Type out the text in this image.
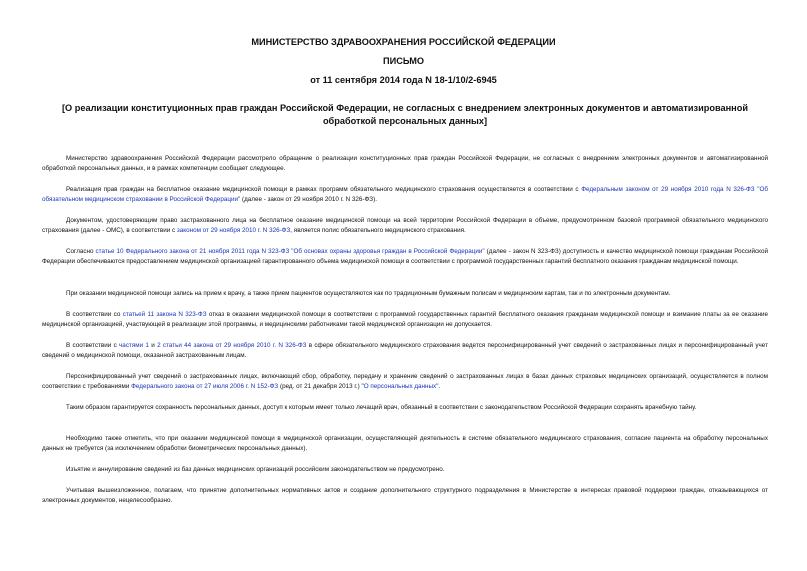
МИНИСТЕРСТВО ЗДРАВООХРАНЕНИЯ РОССИЙСКОЙ ФЕДЕРАЦИИ
ПИСЬМО
от 11 сентября 2014 года N 18-1/10/2-6945
[О реализации конституционных прав граждан Российской Федерации, не согласных с внедрением электронных документов и автоматизированной обработкой персональных данных]

Министерство здравоохранения Российской Федерации рассмотрело обращение о реализации конституционных прав граждан Российской Федерации, не согласных с внедрением электронных документов и автоматизированной обработкой персональных данных, и в рамках компетенции сообщает следующее.

Реализация прав граждан на бесплатное оказание медицинской помощи в рамках программ обязательного медицинского страхования осуществляется в соответствии с Федеральным законом от 29 ноября 2010 года N 326-ФЗ "Об обязательном медицинском страховании в Российской Федерации" (далее - закон от 29 ноября 2010 г. N 326-ФЗ).

Документом, удостоверяющим право застрахованного лица на бесплатное оказание медицинской помощи на всей территории Российской Федерации в объеме, предусмотренном базовой программой обязательного медицинского страхования (далее - ОМС), в соответствии с законом от 29 ноября 2010 г. N 326-ФЗ, является полис обязательного медицинского страхования.

Согласно статье 10 Федерального закона от 21 ноября 2011 года N 323-ФЗ "Об основах охраны здоровья граждан в Российской Федерации" (далее - закон N 323-ФЗ) доступность и качество медицинской помощи гражданам Российской Федерации обеспечиваются предоставлением медицинской организацией гарантированного объема медицинской помощи в соответствии с программой государственных гарантий бесплатного оказания гражданам медицинской помощи.

При оказании медицинской помощи запись на прием к врачу, а также прием пациентов осуществляются как по традиционным бумажным полисам и медицинским картам, так и по электронным документам.

В соответствии со статьей 11 закона N 323-ФЗ отказ в оказании медицинской помощи в соответствии с программой государственных гарантий бесплатного оказания гражданам медицинской помощи и взимание платы за ее оказание медицинской организацией, участвующей в реализации этой программы, и медицинскими работниками такой медицинской организации не допускается.

В соответствии с частями 1 и 2 статьи 44 закона от 29 ноября 2010 г. N 326-ФЗ в сфере обязательного медицинского страхования ведется персонифицированный учет сведений о застрахованных лицах и персонифицированный учет сведений о медицинской помощи, оказанной застрахованным лицам.

Персонифицированный учет сведений о застрахованных лицах, включающий сбор, обработку, передачу и хранение сведений о застрахованных лицах в базах данных страховых медицинских организаций, осуществляется в полном соответствии с требованиями Федерального закона от 27 июля 2006 г. N 152-ФЗ (ред. от 21 декабря 2013 г.) "О персональных данных".

Таким образом гарантируется сохранность персональных данных, доступ к которым имеет только лечащий врач, обязанный в соответствии с законодательством Российской Федерации сохранять врачебную тайну.

Необходимо также отметить, что при оказании медицинской помощи в медицинской организации, осуществляющей деятельность в системе обязательного медицинского страхования, согласие пациента на обработку персональных данных не требуется (за исключением обработки биометрических персональных данных).

Изъятие и аннулирование сведений из баз данных медицинских организаций российским законодательством не предусмотрено.

Учитывая вышеизложенное, полагаем, что принятие дополнительных нормативных актов и создание дополнительного структурного подразделения в Министерстве в интересах правовой поддержки граждан, отказывающихся от электронных документов, нецелесообразно.
